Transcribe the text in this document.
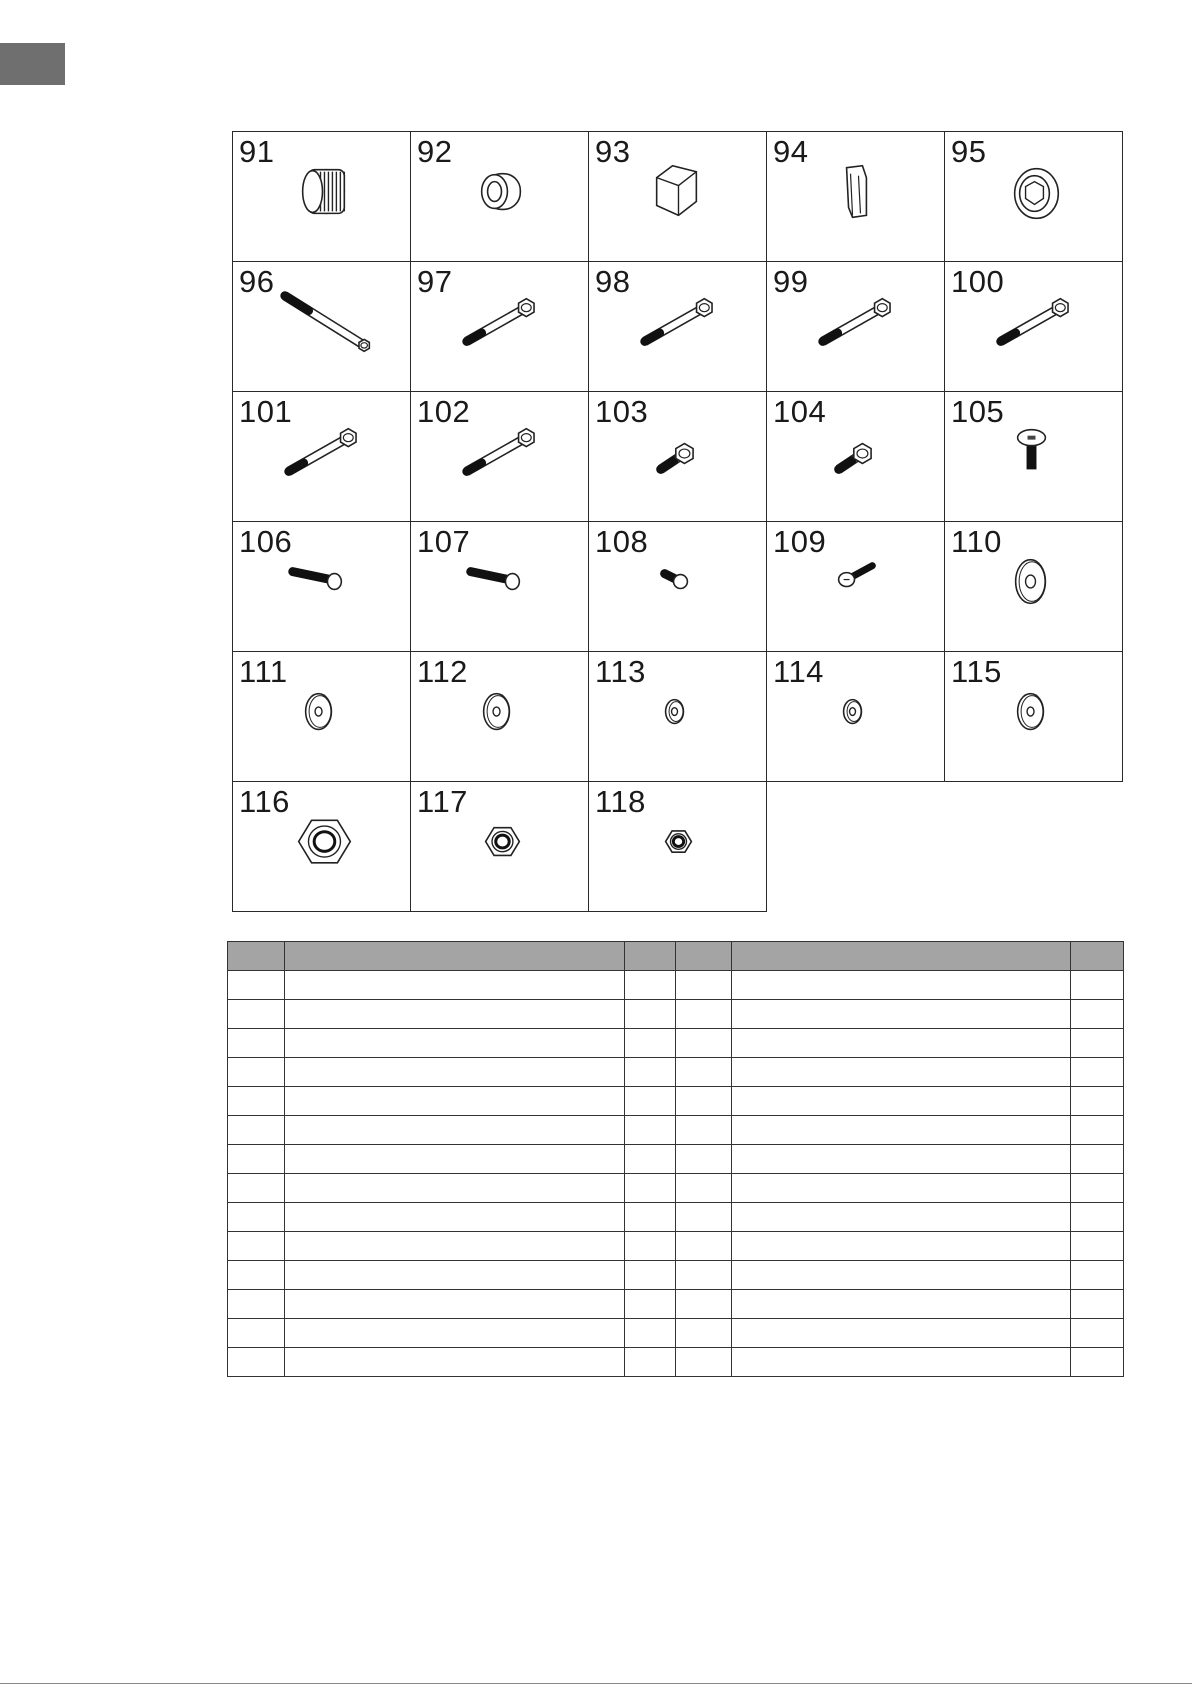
91	92	93	94	95
96	97	98	99	100
101	102	103	104	105
106	107	108	109	110
111	112	113	114	115
116	117	118
